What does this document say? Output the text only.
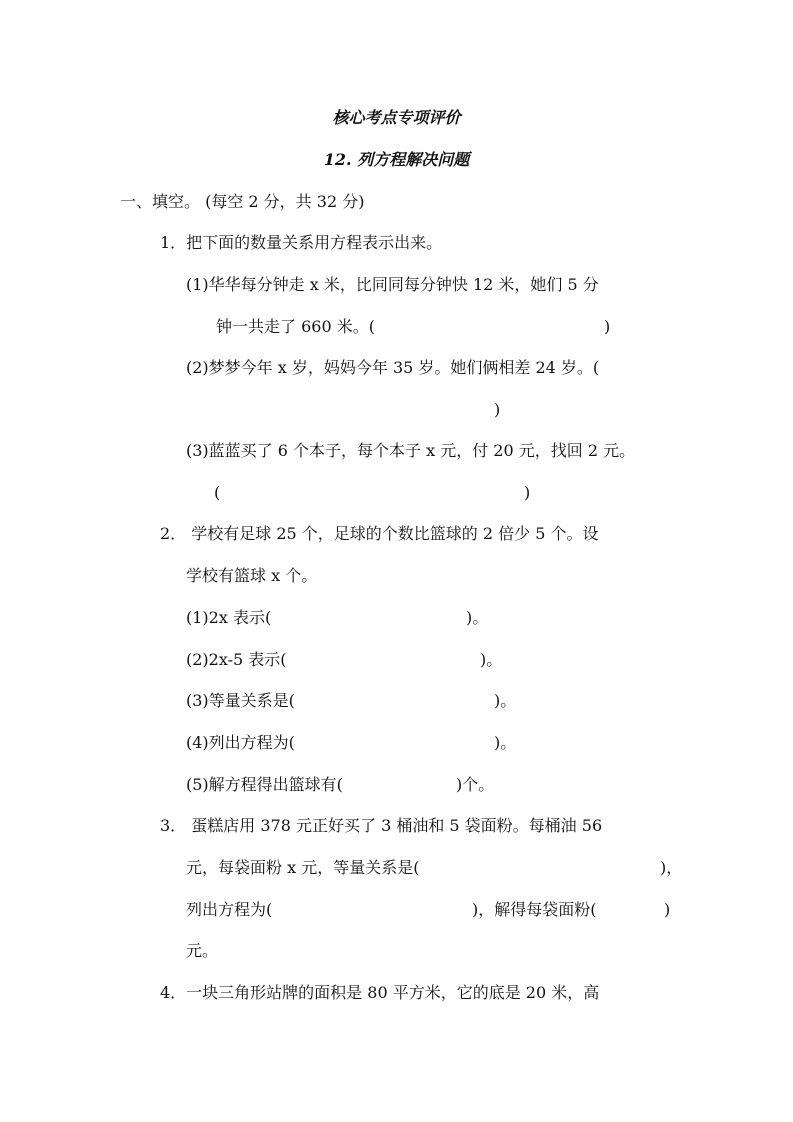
核心考点专项评价
12. 列方程解决问题
一、填空。 (每空 2 分，共 32 分)
1．把下面的数量关系用方程表示出来。
(1)华华每分钟走 x 米，比同同每分钟快 12 米，她们 5 分
钟一共走了 660 米。(	)
(2)梦梦今年 x 岁，妈妈今年 35 岁。她们俩相差 24 岁。(
)
(3)蓝蓝买了 6 个本子，每个本子 x 元，付 20 元，找回 2 元。
(	)
2． 学校有足球 25 个，足球的个数比篮球的 2 倍少 5 个。设
学校有篮球 x 个。
(1)2x 表示(	)。
(2)2x-5 表示(	)。
(3)等量关系是(	)。
(4)列出方程为(	)。
(5)解方程得出篮球有(	)个。
3． 蛋糕店用 378 元正好买了 3 桶油和 5 袋面粉。每桶油 56
元，每袋面粉 x 元，等量关系是(	)，
列出方程为(	)，解得每袋面粉(	)
元。
4．一块三角形站牌的面积是 80 平方米，它的底是 20 米，高
